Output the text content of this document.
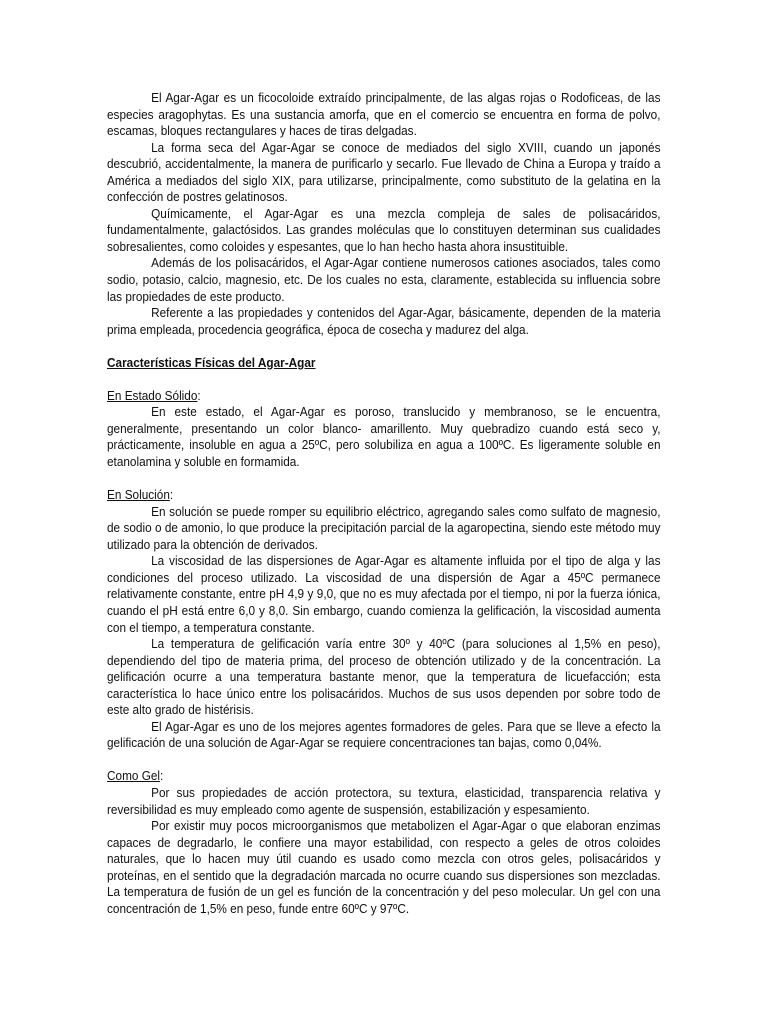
El Agar-Agar es un ficocoloide extraído principalmente, de las algas rojas o Rodoficeas, de las especies aragophytas. Es una sustancia amorfa, que en el comercio se encuentra en forma de polvo, escamas, bloques rectangulares y haces de tiras delgadas.

La forma seca del Agar-Agar se conoce de mediados del siglo XVIII, cuando un japonés descubrió, accidentalmente, la manera de purificarlo y secarlo. Fue llevado de China a Europa y traído a América a mediados del siglo XIX, para utilizarse, principalmente, como substituto de la gelatina en la confección de postres gelatinosos.

Químicamente, el Agar-Agar es una mezcla compleja de sales de polisacáridos, fundamentalmente, galactósidos. Las grandes moléculas que lo constituyen determinan sus cualidades sobresalientes, como coloides y espesantes, que lo han hecho hasta ahora insustituible.

Además de los polisacáridos, el Agar-Agar contiene numerosos cationes asociados, tales como sodio, potasio, calcio, magnesio, etc. De los cuales no esta, claramente, establecida su influencia sobre las propiedades de este producto.

Referente a las propiedades y contenidos del Agar-Agar, básicamente, dependen de la materia prima empleada, procedencia geográfica, época de cosecha y madurez del alga.

Características Físicas del Agar-Agar

En Estado Sólido:

En este estado, el Agar-Agar es poroso, translucido y membranoso, se le encuentra, generalmente, presentando un color blanco- amarillento. Muy quebradizo cuando está seco y, prácticamente, insoluble en agua a 25ºC, pero solubiliza en agua a 100ºC. Es ligeramente soluble en etanolamina y soluble en formamida.

En Solución:

En solución se puede romper su equilibrio eléctrico, agregando sales como sulfato de magnesio, de sodio o de amonio, lo que produce la precipitación parcial de la agaropectina, siendo este método muy utilizado para la obtención de derivados.

La viscosidad de las dispersiones de Agar-Agar es altamente influida por el tipo de alga y las condiciones del proceso utilizado. La viscosidad de una dispersión de Agar a 45ºC permanece relativamente constante, entre pH 4,9 y 9,0, que no es muy afectada por el tiempo, ni por la fuerza iónica, cuando el pH está entre 6,0 y 8,0. Sin embargo, cuando comienza la gelificación, la viscosidad aumenta con el tiempo, a temperatura constante.

La temperatura de gelificación varía entre 30º y 40ºC (para soluciones al 1,5% en peso), dependiendo del tipo de materia prima, del proceso de obtención utilizado y de la concentración. La gelificación ocurre a una temperatura bastante menor, que la temperatura de licuefacción; esta característica lo hace único entre los polisacáridos. Muchos de sus usos dependen por sobre todo de este alto grado de histérisis.

El Agar-Agar es uno de los mejores agentes formadores de geles. Para que se lleve a efecto la gelificación de una solución de Agar-Agar se requiere concentraciones tan bajas, como 0,04%.

Como Gel:

Por sus propiedades de acción protectora, su textura, elasticidad, transparencia relativa y reversibilidad es muy empleado como agente de suspensión, estabilización y espesamiento.

Por existir muy pocos microorganismos que metabolizen el Agar-Agar o que elaboran enzimas capaces de degradarlo, le confiere una mayor estabilidad, con respecto a geles de otros coloides naturales, que lo hacen muy útil cuando es usado como mezcla con otros geles, polisacáridos y proteínas, en el sentido que la degradación marcada no ocurre cuando sus dispersiones son mezcladas. La temperatura de fusión de un gel es función de la concentración y del peso molecular. Un gel con una concentración de 1,5% en peso, funde entre 60ºC y 97ºC.
